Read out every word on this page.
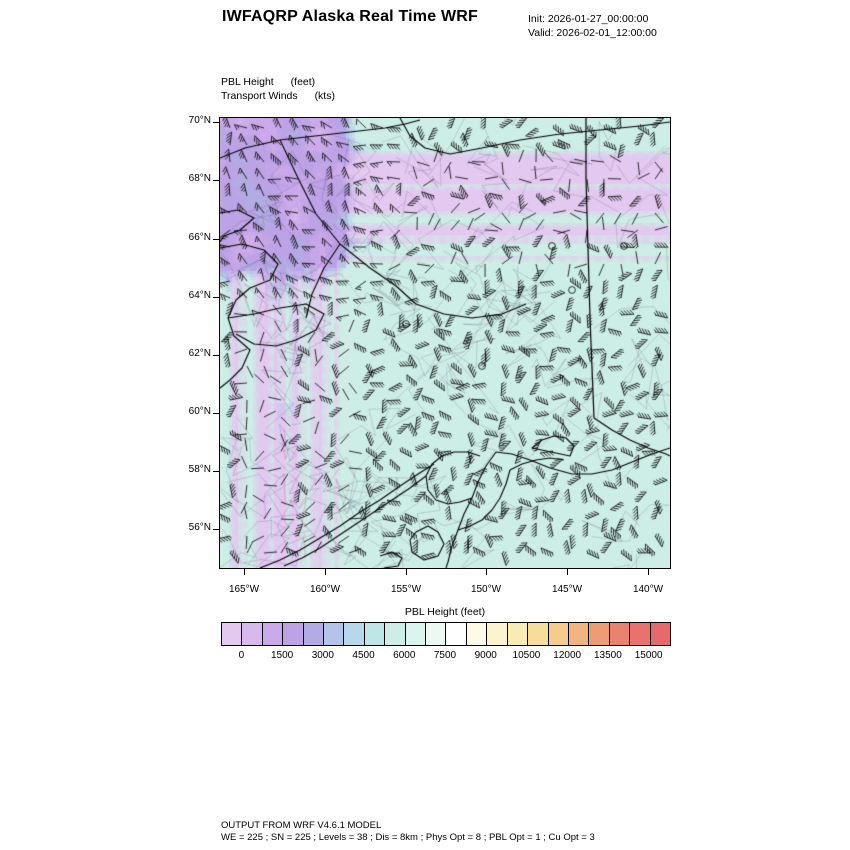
IWFAQRP Alaska Real Time WRF	Init: 2026-01-27_00:00:00
Valid: 2026-02-01_12:00:00
PBL Height (feet)
Transport Winds (kts)
70°N
68°N
66°N
64°N
62°N
60°N
58°N
56°N
165°W	160°W	155°W	150°W	145°W	140°W
PBL Height (feet)
0	1500	3000	4500	6000	7500	9000	10500	12000	13500	15000
OUTPUT FROM WRF V4.6.1 MODEL
WE = 225 ; SN = 225 ; Levels = 38 ; Dis = 8km ; Phys Opt = 8 ; PBL Opt = 1 ; Cu Opt = 3
